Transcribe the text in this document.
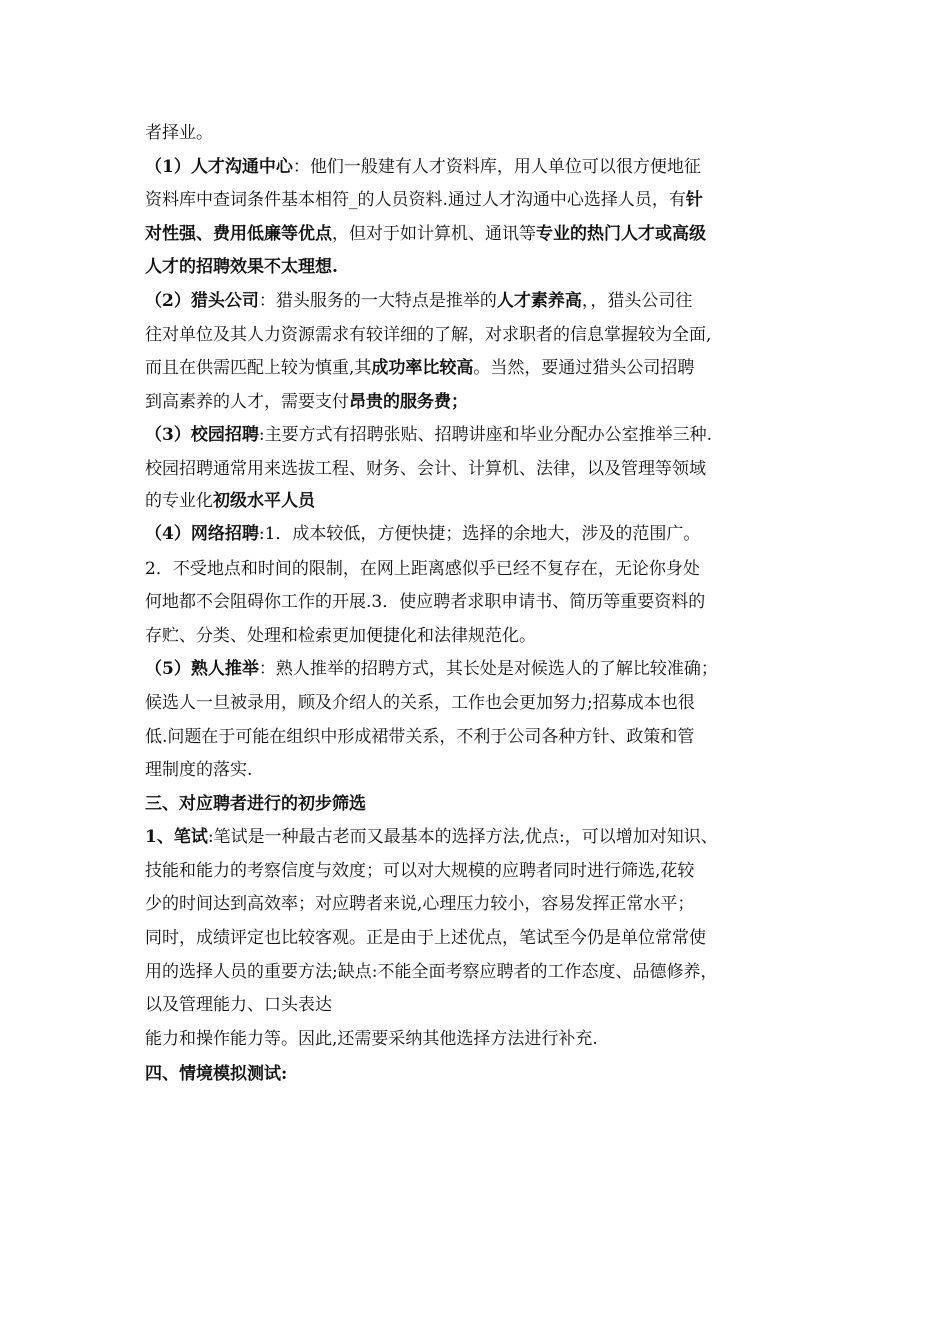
者择业。
（1）人才沟通中心：他们一般建有人才资料库，用人单位可以很方便地征
资料库中查词条件基本相符_的人员资料.通过人才沟通中心选择人员，有针
对性强、费用低廉等优点，但对于如计算机、通讯等专业的热门人才或高级
人才的招聘效果不太理想.
（2）猎头公司：猎头服务的一大特点是推举的人才素养高，，猎头公司往
往对单位及其人力资源需求有较详细的了解，对求职者的信息掌握较为全面,
而且在供需匹配上较为慎重,其成功率比较高。当然，要通过猎头公司招聘
到高素养的人才，需要支付昂贵的服务费；
（3）校园招聘:主要方式有招聘张贴、招聘讲座和毕业分配办公室推举三种.
校园招聘通常用来选拔工程、财务、会计、计算机、法律，以及管理等领域
的专业化初级水平人员
（4）网络招聘:1．成本较低，方便快捷；选择的余地大，涉及的范围广。
2．不受地点和时间的限制，在网上距离感似乎已经不复存在，无论你身处
何地都不会阻碍你工作的开展.3．使应聘者求职申请书、简历等重要资料的
存贮、分类、处理和检索更加便捷化和法律规范化。
（5）熟人推举：熟人推举的招聘方式，其长处是对候选人的了解比较准确；
候选人一旦被录用，顾及介绍人的关系，工作也会更加努力;招募成本也很
低.问题在于可能在组织中形成裙带关系，不利于公司各种方针、政策和管
理制度的落实.
三、对应聘者进行的初步筛选
1、笔试:笔试是一种最古老而又最基本的选择方法,优点:，可以增加对知识、
技能和能力的考察信度与效度；可以对大规模的应聘者同时进行筛选,花较
少的时间达到高效率；对应聘者来说,心理压力较小，容易发挥正常水平；
同时，成绩评定也比较客观。正是由于上述优点，笔试至今仍是单位常常使
用的选择人员的重要方法;缺点:不能全面考察应聘者的工作态度、品德修养，
以及管理能力、口头表达
能力和操作能力等。因此,还需要采纳其他选择方法进行补充.
四、情境模拟测试:
